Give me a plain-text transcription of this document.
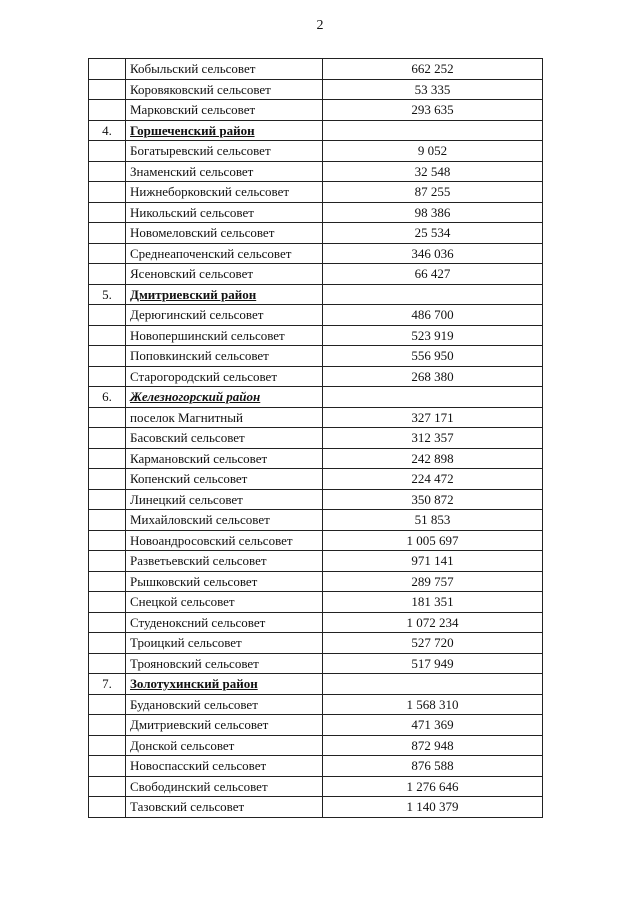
2
	Кобыльский сельсовет	662 252
	Коровяковский сельсовет	53 335
	Марковский сельсовет	293 635
4.	Горшеченский район	
	Богатыревский сельсовет	9 052
	Знаменский сельсовет	32 548
	Нижнеборковский сельсовет	87 255
	Никольский сельсовет	98 386
	Новомеловский сельсовет	25 534
	Среднеапоченский сельсовет	346 036
	Ясеновский сельсовет	66 427
5.	Дмитриевский район	
	Дерюгинский сельсовет	486 700
	Новопершинский сельсовет	523 919
	Поповкинский сельсовет	556 950
	Старогородский сельсовет	268 380
6.	Железногорский район	
	поселок Магнитный	327 171
	Басовский сельсовет	312 357
	Кармановский сельсовет	242 898
	Копенский сельсовет	224 472
	Линецкий сельсовет	350 872
	Михайловский сельсовет	51 853
	Новоандросовский сельсовет	1 005 697
	Разветьевский сельсовет	971 141
	Рышковский сельсовет	289 757
	Снецкой сельсовет	181 351
	Студеноксний сельсовет	1 072 234
	Троицкий сельсовет	527 720
	Трояновский сельсовет	517 949
7.	Золотухинский район	
	Будановский сельсовет	1 568 310
	Дмитриевский сельсовет	471 369
	Донской сельсовет	872 948
	Новоспасский сельсовет	876 588
	Свободинский сельсовет	1 276 646
	Тазовский сельсовет	1 140 379
